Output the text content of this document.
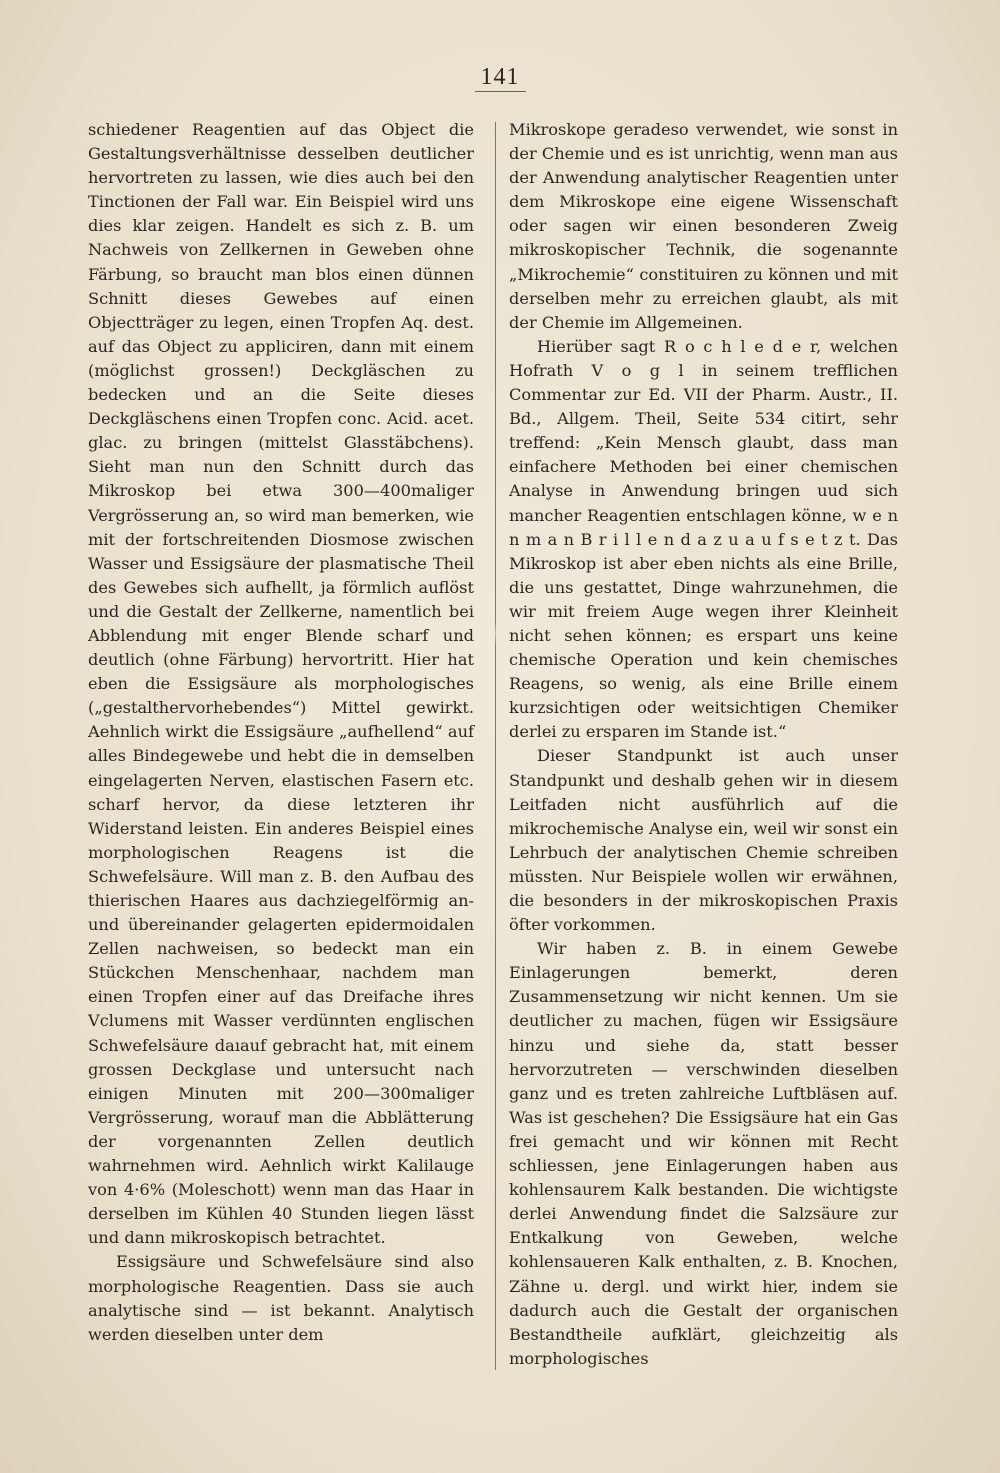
141

schiedener Reagentien auf das Object die Gestaltungsverhältnisse desselben deutlicher hervortreten zu lassen, wie dies auch bei den Tinctionen der Fall war. Ein Beispiel wird uns dies klar zeigen. Handelt es sich z. B. um Nachweis von Zellkernen in Geweben ohne Färbung, so braucht man blos einen dünnen Schnitt dieses Gewebes auf einen Objectträger zu legen, einen Tropfen Aq. dest. auf das Object zu appliciren, dann mit einem (möglichst grossen!) Deckgläschen zu bedecken und an die Seite dieses Deckgläschens einen Tropfen conc. Acid. acet. glac. zu bringen (mittelst Glasstäbchens). Sieht man nun den Schnitt durch das Mikroskop bei etwa 300—400maliger Vergrösserung an, so wird man bemerken, wie mit der fortschreitenden Diosmose zwischen Wasser und Essigsäure der plasmatische Theil des Gewebes sich aufhellt, ja förmlich auflöst und die Gestalt der Zellkerne, namentlich bei Abblendung mit enger Blende scharf und deutlich (ohne Färbung) hervortritt. Hier hat eben die Essigsäure als morphologisches („gestalthervorhebendes“) Mittel gewirkt. Aehnlich wirkt die Essigsäure „aufhellend“ auf alles Bindegewebe und hebt die in demselben eingelagerten Nerven, elastischen Fasern etc. scharf hervor, da diese letzteren ihr Widerstand leisten. Ein anderes Beispiel eines morphologischen Reagens ist die Schwefelsäure. Will man z. B. den Aufbau des thierischen Haares aus dachziegelförmig an- und übereinander gelagerten epidermoidalen Zellen nachweisen, so bedeckt man ein Stückchen Menschenhaar, nachdem man einen Tropfen einer auf das Dreifache ihres Vclumens mit Wasser verdünnten englischen Schwefelsäure daıauf gebracht hat, mit einem grossen Deckglase und untersucht nach einigen Minuten mit 200—300maliger Vergrösserung, worauf man die Abblätterung der vorgenannten Zellen deutlich wahrnehmen wird. Aehnlich wirkt Kalilauge von 4·6% (Moleschott) wenn man das Haar in derselben im Kühlen 40 Stunden liegen lässt und dann mikroskopisch betrachtet.

Essigsäure und Schwefelsäure sind also morphologische Reagentien. Dass sie auch analytische sind — ist bekannt. Analytisch werden dieselben unter dem

Mikroskope geradeso verwendet, wie sonst in der Chemie und es ist unrichtig, wenn man aus der Anwendung analytischer Reagentien unter dem Mikroskope eine eigene Wissenschaft oder sagen wir einen besonderen Zweig mikroskopischer Technik, die sogenannte „Mikrochemie“ constituiren zu können und mit derselben mehr zu erreichen glaubt, als mit der Chemie im Allgemeinen.

Hierüber sagt R o c h l e d e r, welchen Hofrath V o g l in seinem trefflichen Commentar zur Ed. VII der Pharm. Austr., II. Bd., Allgem. Theil, Seite 534 citirt, sehr treffend: „Kein Mensch glaubt, dass man einfachere Methoden bei einer chemischen Analyse in Anwendung bringen uud sich mancher Reagentien entschlagen könne, w e n n m a n B r i l l e n d a z u a u f s e t z t. Das Mikroskop ist aber eben nichts als eine Brille, die uns gestattet, Dinge wahrzunehmen, die wir mit freiem Auge wegen ihrer Kleinheit nicht sehen können; es erspart uns keine chemische Operation und kein chemisches Reagens, so wenig, als eine Brille einem kurzsichtigen oder weitsichtigen Chemiker derlei zu ersparen im Stande ist.“

Dieser Standpunkt ist auch unser Standpunkt und deshalb gehen wir in diesem Leitfaden nicht ausführlich auf die mikrochemische Analyse ein, weil wir sonst ein Lehrbuch der analytischen Chemie schreiben müssten. Nur Beispiele wollen wir erwähnen, die besonders in der mikroskopischen Praxis öfter vorkommen.

Wir haben z. B. in einem Gewebe Einlagerungen bemerkt, deren Zusammensetzung wir nicht kennen. Um sie deutlicher zu machen, fügen wir Essigsäure hinzu und siehe da, statt besser hervorzutreten — verschwinden dieselben ganz und es treten zahlreiche Luftbläsen auf. Was ist geschehen? Die Essigsäure hat ein Gas frei gemacht und wir können mit Recht schliessen, jene Einlagerungen haben aus kohlensaurem Kalk bestanden. Die wichtigste derlei Anwendung findet die Salzsäure zur Entkalkung von Geweben, welche kohlensaueren Kalk enthalten, z. B. Knochen, Zähne u. dergl. und wirkt hier, indem sie dadurch auch die Gestalt der organischen Bestandtheile aufklärt, gleichzeitig als morphologisches
